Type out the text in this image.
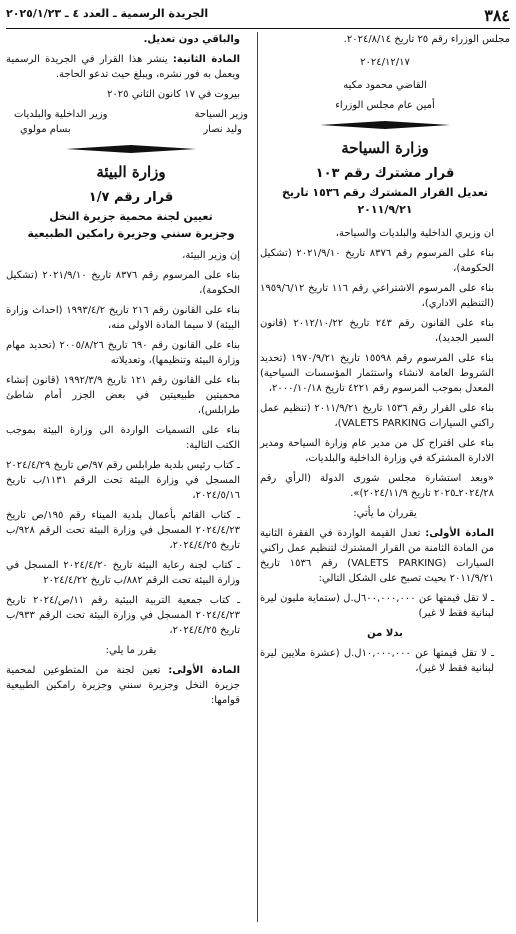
٣٨٤
الجريدة الرسمية ـ العدد ٤ ـ ٢٠٢٥/١/٢٣

مجلس الوزراء رقم ٢٥ تاريخ ٢٠٢٤/٨/١٤.

٢٠٢٤/١٢/١٧

القاضي محمود مكيه

أمين عام مجلس الوزراء

وزارة السياحة
قرار مشترك رقم ١٠٣
تعديل القرار المشترك رقم ١٥٣٦ تاريخ ٢٠١١/٩/٢١

ان وزيري الداخلية والبلديات والسياحة،

بناء على المرسوم رقم ٨٣٧٦ تاريخ ٢٠٢١/٩/١٠ (تشكيل الحكومة)،

بناء على المرسوم الاشتراعي رقم ١١٦ تاريخ ١٩٥٩/٦/١٢ (التنظيم الاداري)،

بناء على القانون رقم ٢٤٣ تاريخ ٢٠١٢/١٠/٢٢ (قانون السير الجديد)،

بناء على المرسوم رقم ١٥٥٩٨ تاريخ ١٩٧٠/٩/٢١ (تحديد الشروط العامة لانشاء واستثمار المؤسسات السياحية) المعدل بموجب المرسوم رقم ٤٢٢١ تاريخ ٢٠٠٠/١٠/١٨،

بناء على القرار رقم ١٥٣٦ تاريخ ٢٠١١/٩/٢١ (تنظيم عمل راكني السيارات VALETS PARKING)،

بناء على اقتراح كل من مدير عام وزارة السياحة ومدير الادارة المشتركة في وزارة الداخلية والبلديات،

«وبعد استشارة مجلس شورى الدولة (الرأي رقم ٢٠٢٤/٢٨ـ٢٠٢٥ تاريخ ٢٠٢٤/١١/٩)».

يقرران ما يأتي:

المادة الأولى: تعدل القيمة الواردة في الفقرة الثانية من المادة الثامنة من القرار المشترك لتنظيم عمل راكني السيارات (VALETS PARKING) رقم ١٥٣٦ تاريخ ٢٠١١/٩/٢١ بحيث تصبح على الشكل التالي:

ـ لا تقل قيمتها عن ٦٠٠,٠٠٠,٠٠٠ل.ل (ستماية مليون ليرة لبنانية فقط لا غير)

بدلا من

ـ لا تقل قيمتها عن ١٠,٠٠٠,٠٠٠ل.ل (عشرة ملايين ليرة لبنانية فقط لا غير)،

والباقي دون تعديل.

المادة الثانية: ينشر هذا القرار في الجريدة الرسمية ويعمل به فور نشره، ويبلغ حيث تدعو الحاجة.

بيروت في ١٧ كانون الثاني ٢٠٢٥

وزير السياحة
وزير الداخلية والبلديات
وليد نصار
بسام مولوي
وزارة البيئة
قرار رقم ١/٧
تعيين لجنة محمية جزيرة النخل
وجزيرة سنني وجزيرة رامكين الطبيعية

إن وزير البيئة،

بناء على المرسوم رقم ٨٣٧٦ تاريخ ٢٠٢١/٩/١٠ (تشكيل الحكومة)،

بناء على القانون رقم ٢١٦ تاريخ ١٩٩٣/٤/٢ (احداث وزارة البيئة) لا سيما المادة الاولى منه،

بناء على القانون رقم ٦٩٠ تاريخ ٢٠٠٥/٨/٢٦ (تحديد مهام وزارة البيئة وتنظيمها)، وتعديلاته

بناء على القانون رقم ١٢١ تاريخ ١٩٩٢/٣/٩ (قانون إنشاء محميتين طبيعيتين في بعض الجزر أمام شاطئ طرابلس)،

بناء على التسميات الواردة الى وزارة البيئة بموجب الكتب التالية:

ـ كتاب رئيس بلدية طرابلس رقم ٩٧/ص تاريخ ٢٠٢٤/٤/٢٩ المسجل في وزارة البيئة تحت الرقم ١١٣١/ب تاريخ ٢٠٢٤/٥/١٦،

ـ كتاب القائم بأعمال بلدية الميناء رقم ١٩٥/ص تاريخ ٢٠٢٤/٤/٢٣ المسجل في وزارة البيئة تحت الرقم ٩٢٨/ب تاريخ ٢٠٢٤/٤/٢٥،

ـ كتاب لجنة رعاية البيئة تاريخ ٢٠٢٤/٤/٢٠ المسجل في وزارة البيئة تحت الرقم ٨٨٢/ب تاريخ ٢٠٢٤/٤/٢٢

ـ كتاب جمعية التربية البيئية رقم ١١/ص/٢٠٢٤ تاريخ ٢٠٢٤/٤/٢٣ المسجل في وزارة البيئة تحت الرقم ٩٣٣/ب تاريخ ٢٠٢٤/٤/٢٥،

يقرر ما يلي:

المادة الأولى: تعين لجنة من المتطوعين لمحمية جزيرة النخل وجزيرة سنني وجزيرة رامكين الطبيعية قوامها:
